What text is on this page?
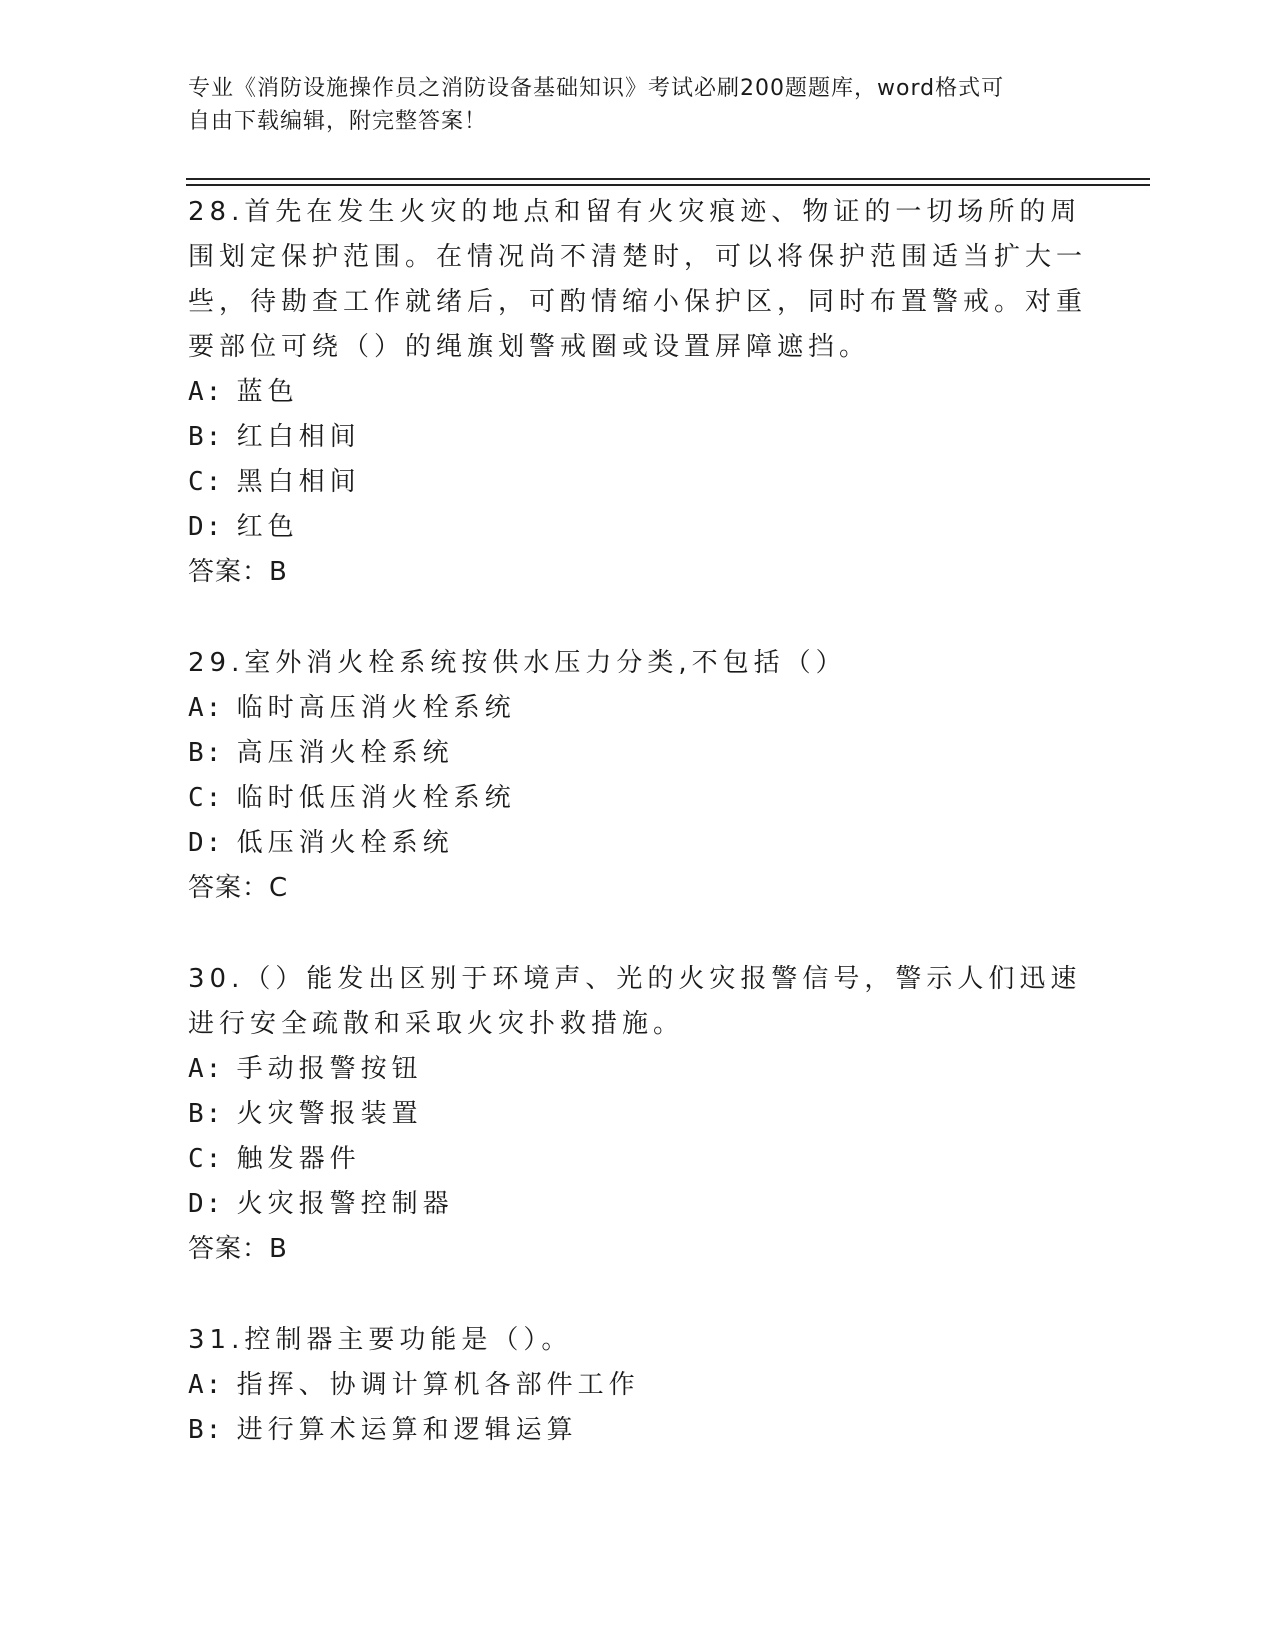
专业《消防设施操作员之消防设备基础知识》考试必刷200题题库，word格式可
自由下载编辑，附完整答案！
28.首先在发生火灾的地点和留有火灾痕迹、物证的一切场所的周围划定保护范围。在情况尚不清楚时，可以将保护范围适当扩大一些，待勘查工作就绪后，可酌情缩小保护区，同时布置警戒。对重要部位可绕（）的绳旗划警戒圈或设置屏障遮挡。
A: 蓝色
B: 红白相间
C: 黑白相间
D: 红色
答案：B
29.室外消火栓系统按供水压力分类,不包括（）
A: 临时高压消火栓系统
B: 高压消火栓系统
C: 临时低压消火栓系统
D: 低压消火栓系统
答案：C
30.（）能发出区别于环境声、光的火灾报警信号，警示人们迅速进行安全疏散和采取火灾扑救措施。
A: 手动报警按钮
B: 火灾警报装置
C: 触发器件
D: 火灾报警控制器
答案：B
31.控制器主要功能是（）。
A: 指挥、协调计算机各部件工作
B: 进行算术运算和逻辑运算
